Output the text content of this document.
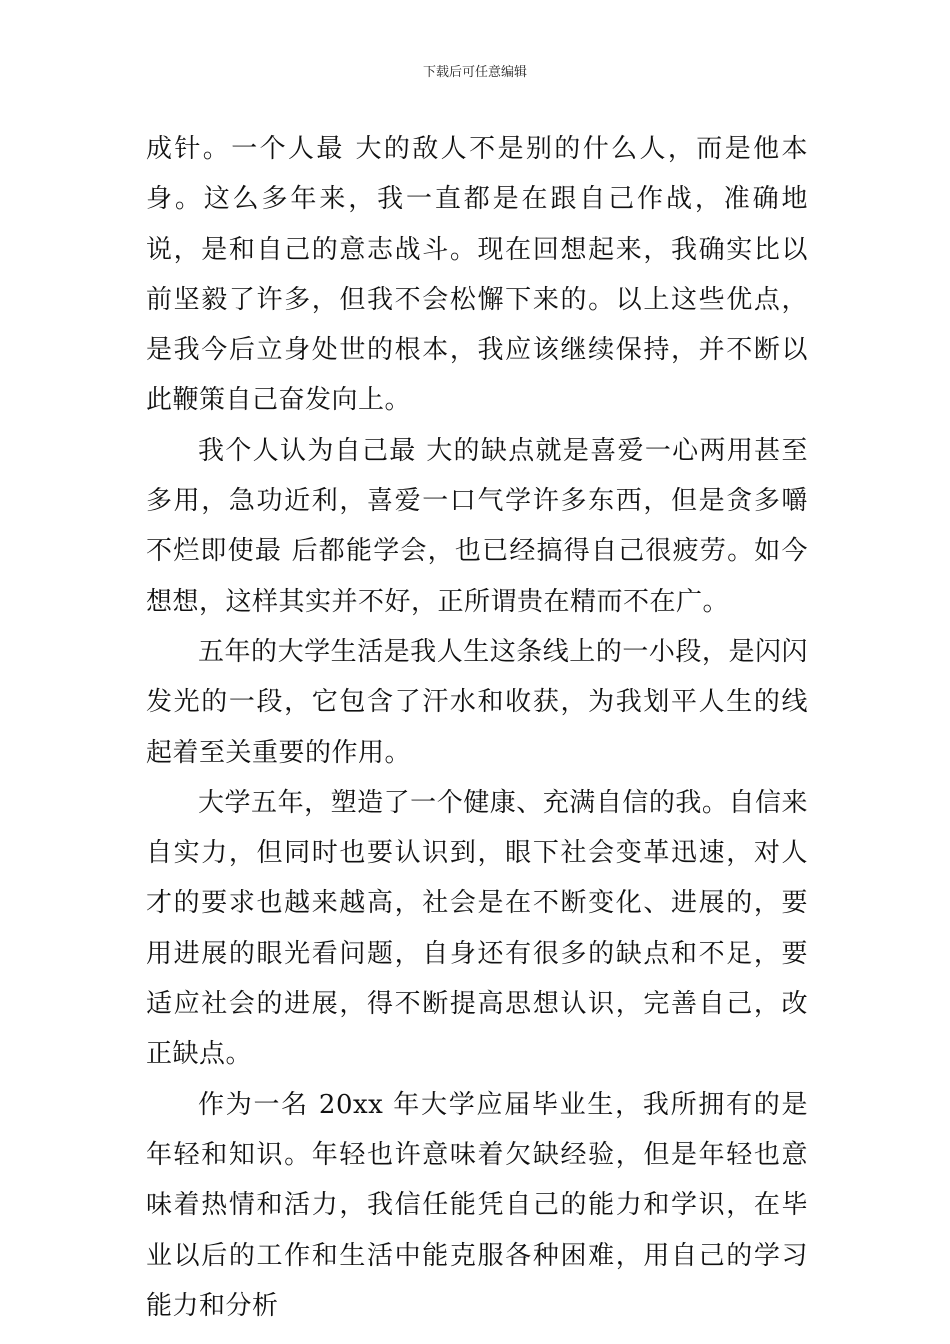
下载后可任意编辑

成针。一个人最 大的敌人不是别的什么人，而是他本身。这么多年来，我一直都是在跟自己作战，准确地说，是和自己的意志战斗。现在回想起来，我确实比以前坚毅了许多，但我不会松懈下来的。以上这些优点，是我今后立身处世的根本，我应该继续保持，并不断以此鞭策自己奋发向上。

我个人认为自己最 大的缺点就是喜爱一心两用甚至多用，急功近利，喜爱一口气学许多东西，但是贪多嚼不烂即使最 后都能学会，也已经搞得自己很疲劳。如今想想，这样其实并不好，正所谓贵在精而不在广。

五年的大学生活是我人生这条线上的一小段，是闪闪发光的一段，它包含了汗水和收获，为我划平人生的线起着至关重要的作用。

大学五年，塑造了一个健康、充满自信的我。自信来自实力，但同时也要认识到，眼下社会变革迅速，对人才的要求也越来越高，社会是在不断变化、进展的，要用进展的眼光看问题，自身还有很多的缺点和不足，要适应社会的进展，得不断提高思想认识，完善自己，改正缺点。

作为一名 20xx 年大学应届毕业生，我所拥有的是年轻和知识。年轻也许意味着欠缺经验，但是年轻也意味着热情和活力，我信任能凭自己的能力和学识，在毕业以后的工作和生活中能克服各种困难，用自己的学习能力和分析
